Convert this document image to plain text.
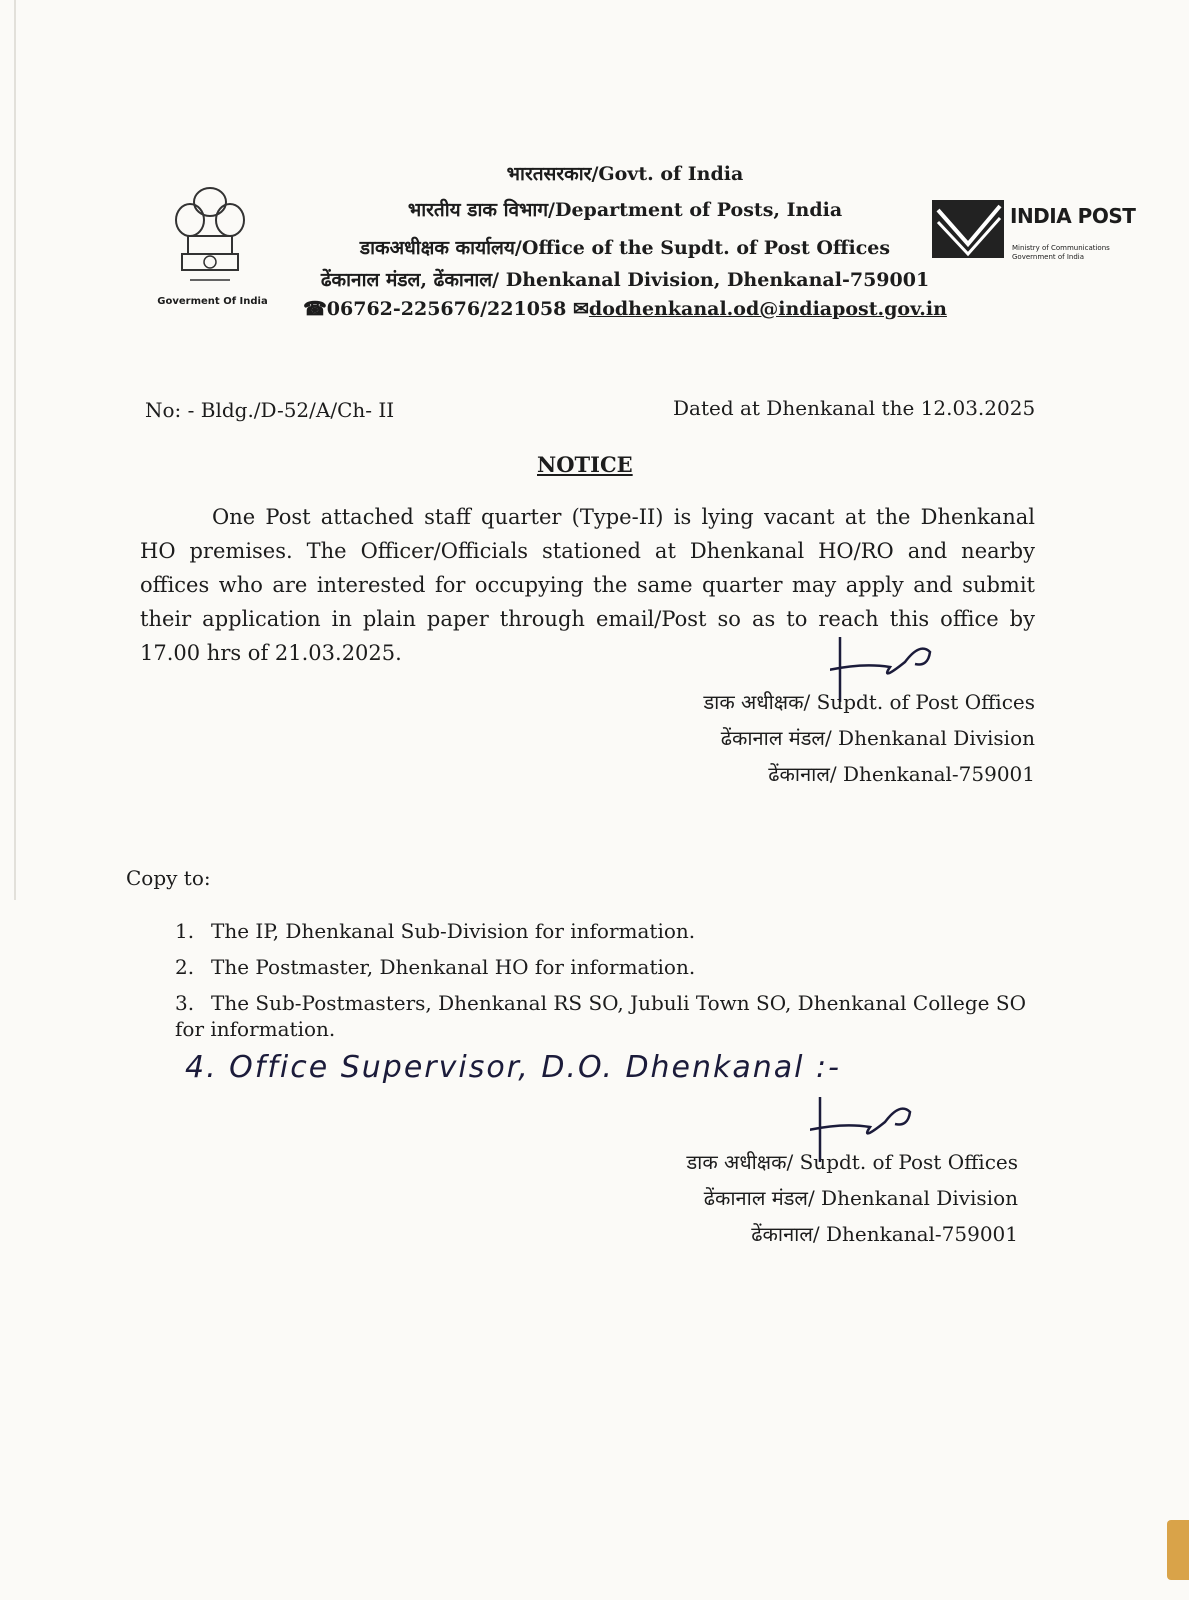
Goverment Of India
भारतसरकार/Govt. of India
भारतीय डाक विभाग/Department of Posts, India
डाकअधीक्षक कार्यालय/Office of the Supdt. of Post Offices
ढेंकानाल मंडल, ढेंकानाल/ Dhenkanal Division, Dhenkanal-759001
☎06762-225676/221058 ✉dodhenkanal.od@indiapost.gov.in
INDIA POST
Ministry of Communications
Government of India
No: - Bldg./D-52/A/Ch- II	Dated at Dhenkanal the 12.03.2025
NOTICE
One Post attached staff quarter (Type-II) is lying vacant at the Dhenkanal HO premises. The Officer/Officials stationed at Dhenkanal HO/RO and nearby offices who are interested for occupying the same quarter may apply and submit their application in plain paper through email/Post so as to reach this office by 17.00 hrs of 21.03.2025.
डाक अधीक्षक/ Supdt. of Post Offices
ढेंकानाल मंडल/ Dhenkanal Division
ढेंकानाल/ Dhenkanal-759001
Copy to:
1. The IP, Dhenkanal Sub-Division for information.
2. The Postmaster, Dhenkanal HO for information.
3. The Sub-Postmasters, Dhenkanal RS SO, Jubuli Town SO, Dhenkanal College SO for information.
4. Office Supervisor, D.O. Dhenkanal :-
डाक अधीक्षक/ Supdt. of Post Offices
ढेंकानाल मंडल/ Dhenkanal Division
ढेंकानाल/ Dhenkanal-759001
